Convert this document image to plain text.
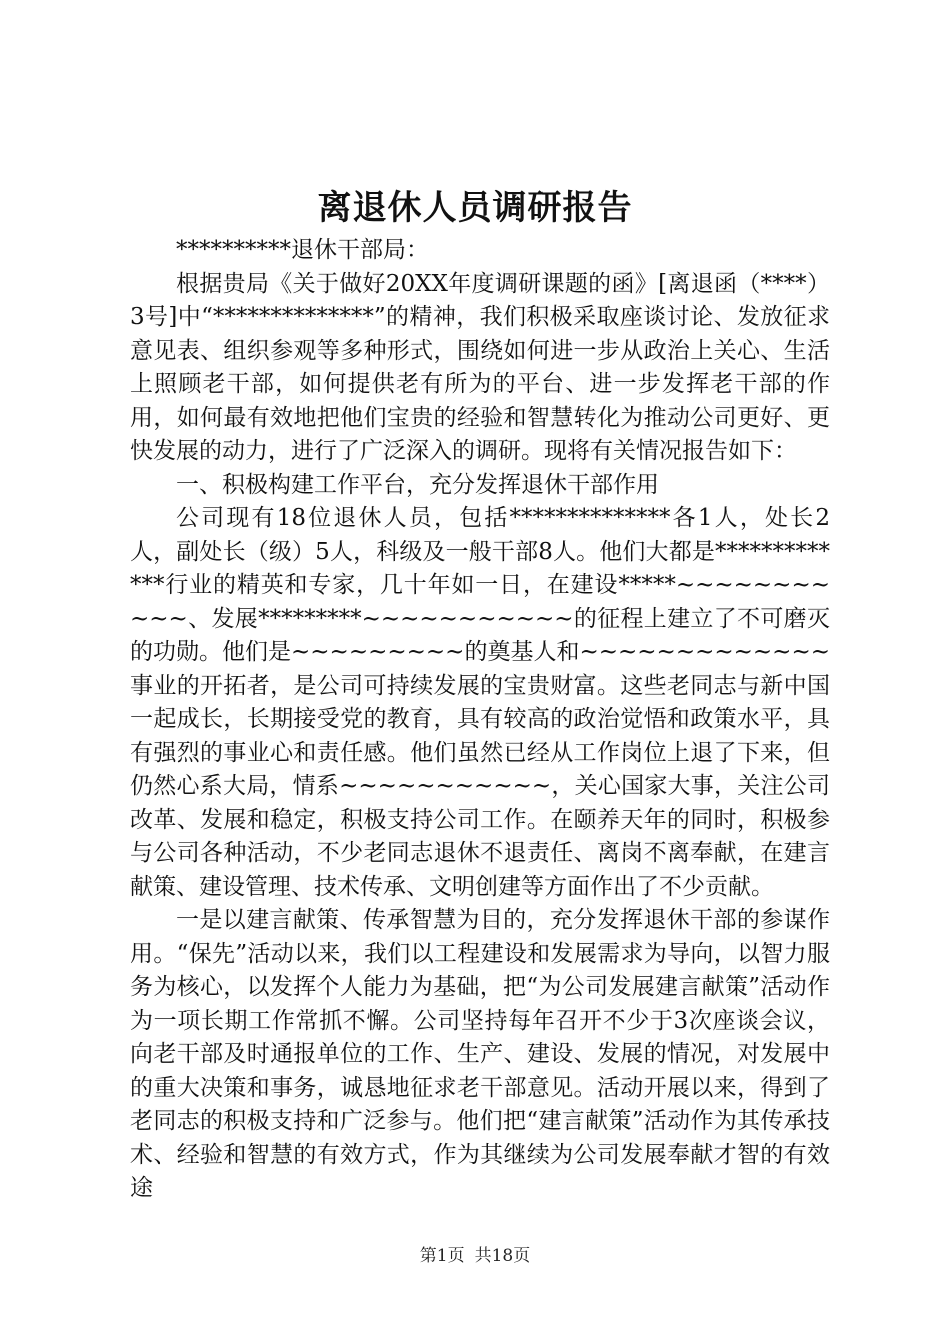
离退休人员调研报告

**********退休干部局：

根据贵局《关于做好20XX年度调研课题的函》[离退函（****）3号]中“**************”的精神，我们积极采取座谈讨论、发放征求意见表、组织参观等多种形式，围绕如何进一步从政治上关心、生活上照顾老干部，如何提供老有所为的平台、进一步发挥老干部的作用，如何最有效地把他们宝贵的经验和智慧转化为推动公司更好、更快发展的动力，进行了广泛深入的调研。现将有关情况报告如下：

一、积极构建工作平台，充分发挥退休干部作用

公司现有18位退休人员，包括**************各1人，处长2人，副处长（级）5人，科级及一般干部8人。他们大都是*************行业的精英和专家，几十年如一日，在建设*****~~~~~~~~~~~、发展*********~~~~~~~~~~~的征程上建立了不可磨灭的功勋。他们是~~~~~~~~~的奠基人和~~~~~~~~~~~~~事业的开拓者，是公司可持续发展的宝贵财富。这些老同志与新中国一起成长，长期接受党的教育，具有较高的政治觉悟和政策水平，具有强烈的事业心和责任感。他们虽然已经从工作岗位上退了下来，但仍然心系大局，情系~~~~~~~~~~~，关心国家大事，关注公司改革、发展和稳定，积极支持公司工作。在颐养天年的同时，积极参与公司各种活动，不少老同志退休不退责任、离岗不离奉献，在建言献策、建设管理、技术传承、文明创建等方面作出了不少贡献。

一是以建言献策、传承智慧为目的，充分发挥退休干部的参谋作用。“保先”活动以来，我们以工程建设和发展需求为导向，以智力服务为核心，以发挥个人能力为基础，把“为公司发展建言献策”活动作为一项长期工作常抓不懈。公司坚持每年召开不少于3次座谈会议，向老干部及时通报单位的工作、生产、建设、发展的情况，对发展中的重大决策和事务，诚恳地征求老干部意见。活动开展以来，得到了老同志的积极支持和广泛参与。他们把“建言献策”活动作为其传承技术、经验和智慧的有效方式，作为其继续为公司发展奉献才智的有效途

第1页 共18页
